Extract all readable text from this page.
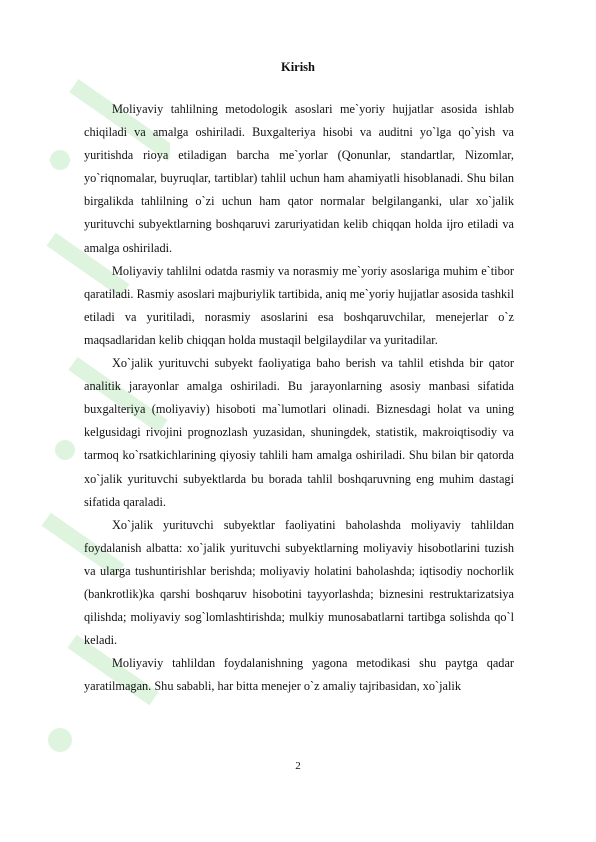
Kirish

Moliyaviy tahlilning metodologik asoslari me`yoriy hujjatlar asosida ishlab chiqiladi va amalga oshiriladi. Buxgalteriya hisobi va auditni yo`lga qo`yish va yuritishda rioya etiladigan barcha me`yorlar (Qonunlar, standartlar, Nizomlar, yo`riqnomalar, buyruqlar, tartiblar) tahlil uchun ham ahamiyatli hisoblanadi. Shu bilan birgalikda tahlilning o`zi uchun ham qator normalar belgilanganki, ular xo`jalik yurituvchi subyektlarning boshqaruvi zaruriyatidan kelib chiqqan holda ijro etiladi va amalga oshiriladi.

Moliyaviy tahlilni odatda rasmiy va norasmiy me`yoriy asoslariga muhim e`tibor qaratiladi. Rasmiy asoslari majburiylik tartibida, aniq me`yoriy hujjatlar asosida tashkil etiladi va yuritiladi, norasmiy asoslarini esa boshqaruvchilar, menejerlar o`z maqsadlaridan kelib chiqqan holda mustaqil belgilaydilar va yuritadilar.

Xo`jalik yurituvchi subyekt faoliyatiga baho berish va tahlil etishda bir qator analitik jarayonlar amalga oshiriladi. Bu jarayonlarning asosiy manbasi sifatida buxgalteriya (moliyaviy) hisoboti ma`lumotlari olinadi. Biznesdagi holat va uning kelgusidagi rivojini prognozlash yuzasidan, shuningdek, statistik, makroiqtisodiy va tarmoq ko`rsatkichlarining qiyosiy tahlili ham amalga oshiriladi. Shu bilan bir qatorda xo`jalik yurituvchi subyektlarda bu borada tahlil boshqaruvning eng muhim dastagi sifatida qaraladi.

Xo`jalik yurituvchi subyektlar faoliyatini baholashda moliyaviy tahlildan foydalanish albatta: xo`jalik yurituvchi subyektlarning moliyaviy hisobotlarini tuzish va ularga tushuntirishlar berishda; moliyaviy holatini baholashda; iqtisodiy nochorlik (bankrotlik)ka qarshi boshqaruv hisobotini tayyorlashda; biznesini restruktarizatsiya qilishda; moliyaviy sog`lomlashtirishda; mulkiy munosabatlarni tartibga solishda qo`l keladi.

Moliyaviy tahlildan foydalanishning yagona metodikasi shu paytga qadar yaratilmagan. Shu sababli, har bitta menejer o`z amaliy tajribasidan, xo`jalik

2
